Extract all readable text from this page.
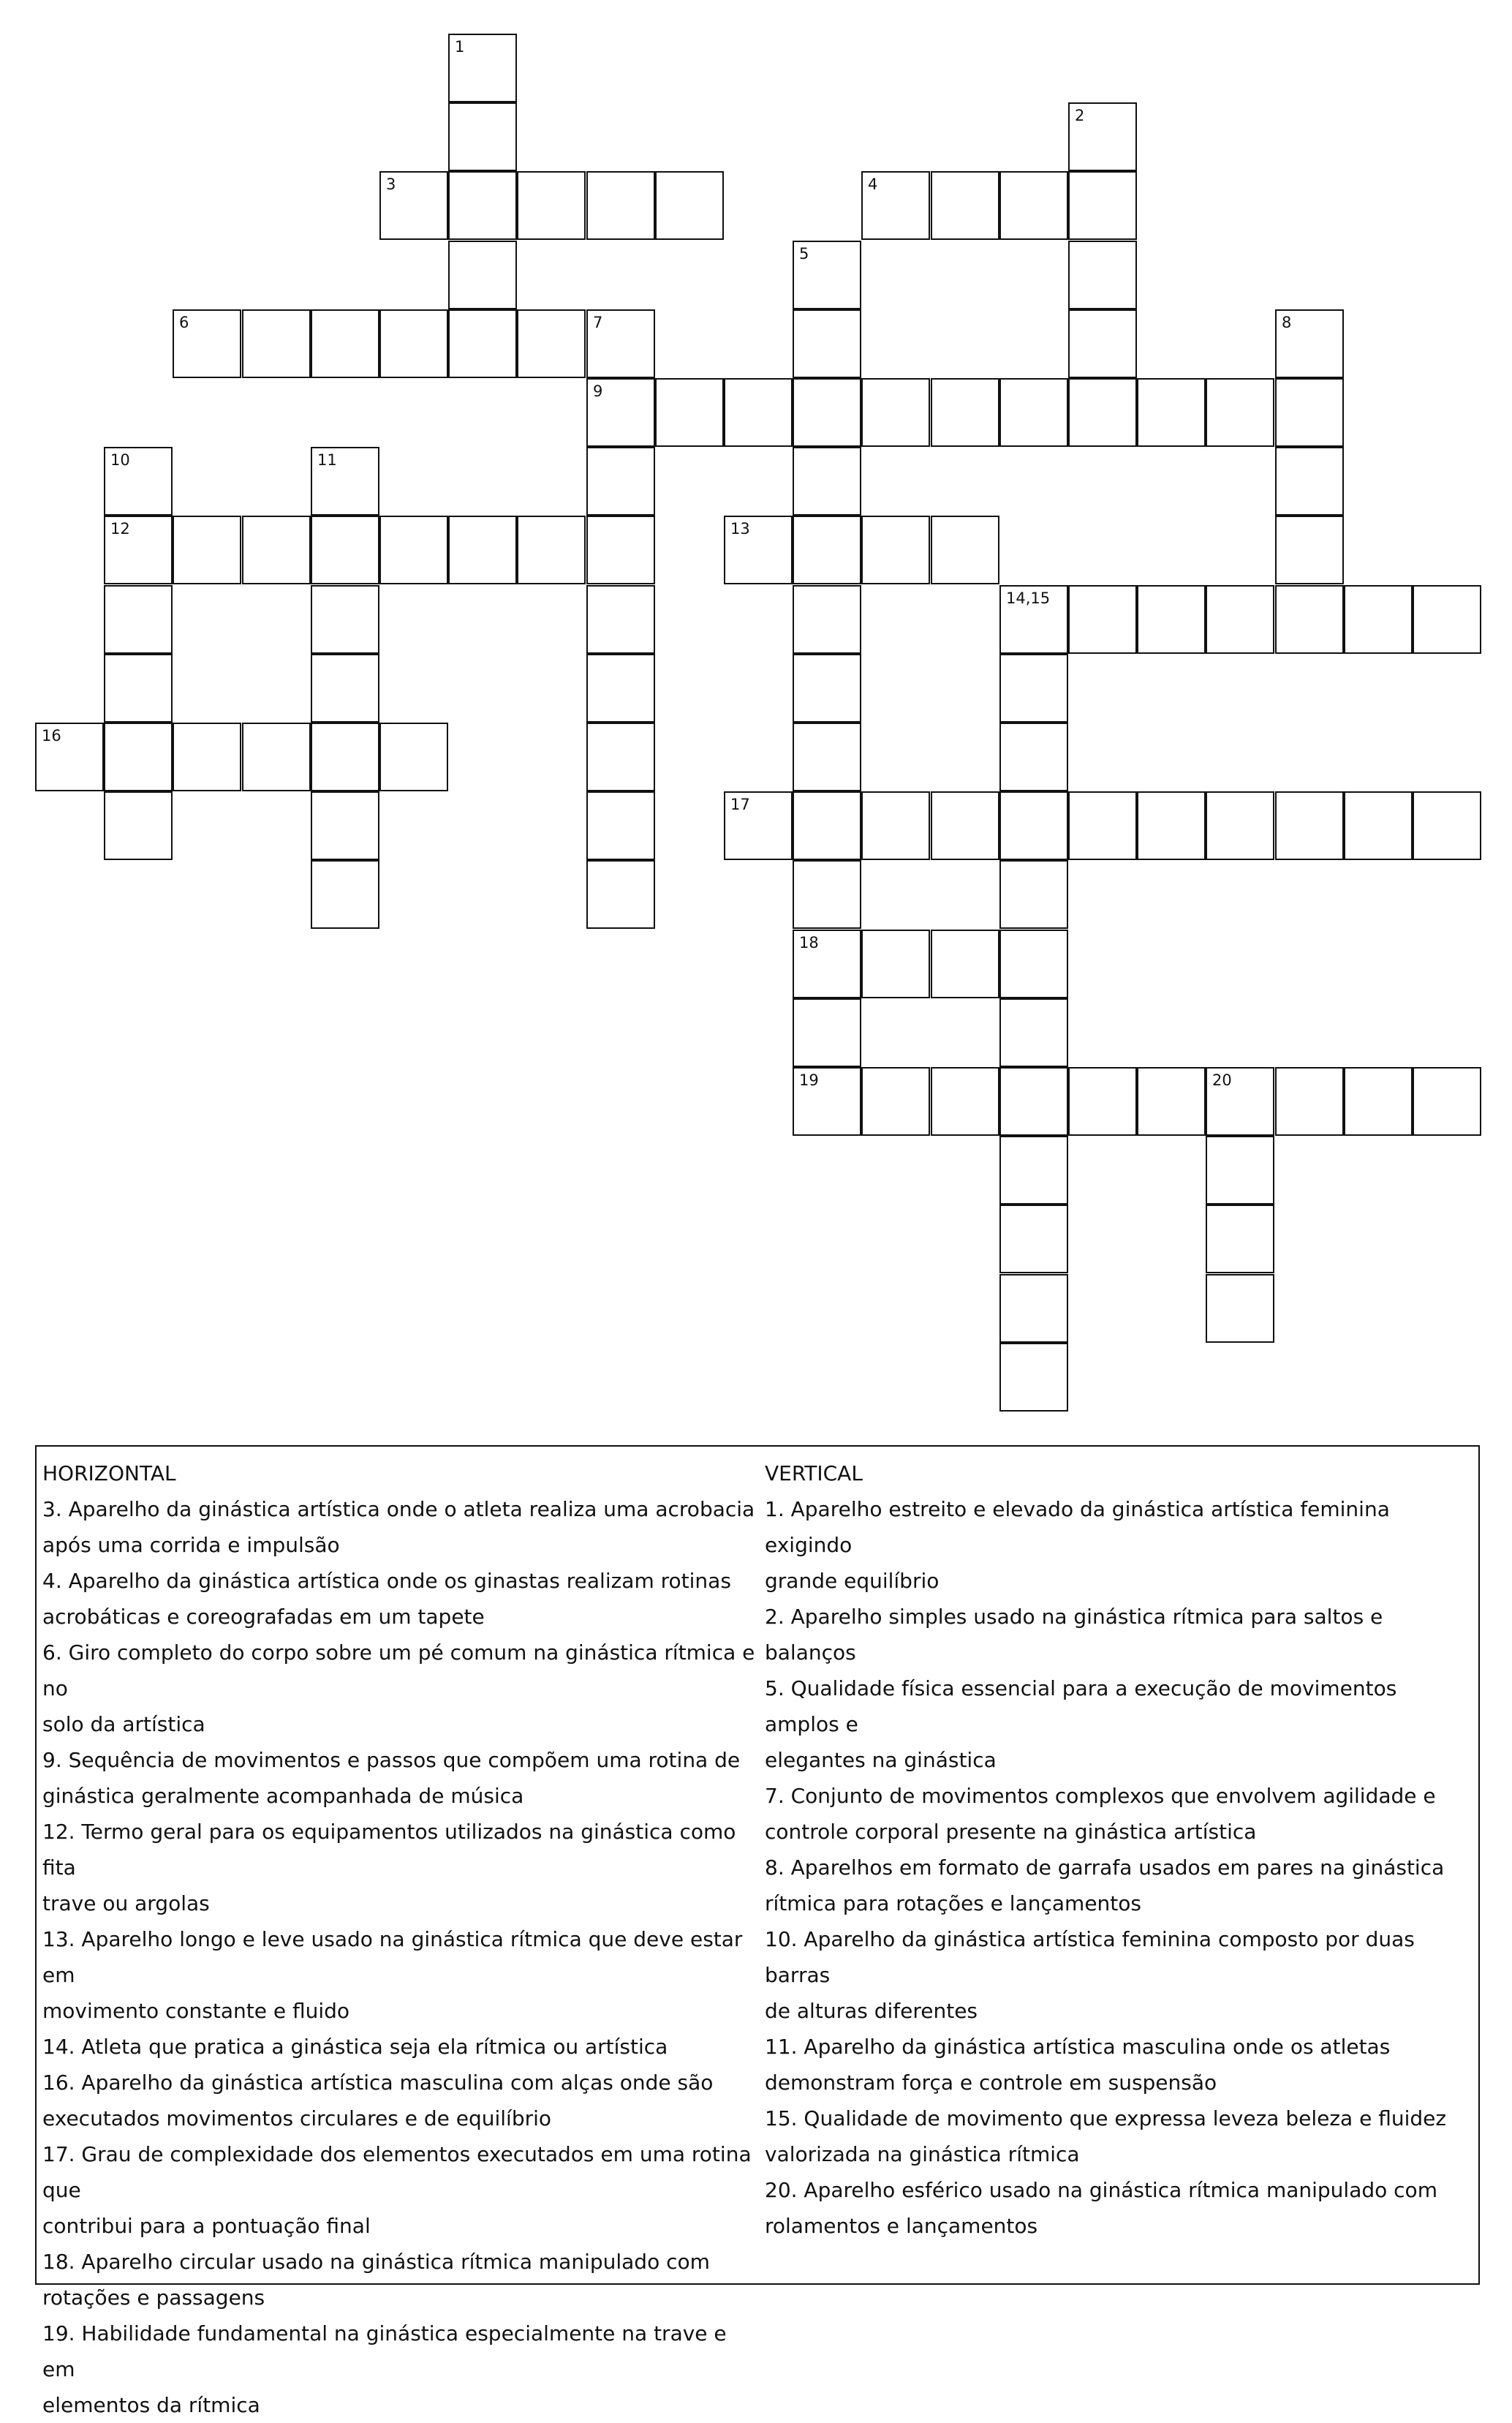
1
3
2
4
5
18
19
6	7
9
8
10	11
12	13
14,15
16
17
20
HORIZONTAL
3. Aparelho da ginástica artística onde o atleta realiza uma acrobacia
após uma corrida e impulsão
4. Aparelho da ginástica artística onde os ginastas realizam rotinas
acrobáticas e coreografadas em um tapete
6. Giro completo do corpo sobre um pé comum na ginástica rítmica e no
solo da artística
9. Sequência de movimentos e passos que compõem uma rotina de
ginástica geralmente acompanhada de música
12. Termo geral para os equipamentos utilizados na ginástica como fita
trave ou argolas
13. Aparelho longo e leve usado na ginástica rítmica que deve estar em
movimento constante e fluido
14. Atleta que pratica a ginástica seja ela rítmica ou artística
16. Aparelho da ginástica artística masculina com alças onde são
executados movimentos circulares e de equilíbrio
17. Grau de complexidade dos elementos executados em uma rotina que
contribui para a pontuação final
18. Aparelho circular usado na ginástica rítmica manipulado com
rotações e passagens
19. Habilidade fundamental na ginástica especialmente na trave e em
elementos da rítmica
VERTICAL
1. Aparelho estreito e elevado da ginástica artística feminina exigindo
grande equilíbrio
2. Aparelho simples usado na ginástica rítmica para saltos e balanços
5. Qualidade física essencial para a execução de movimentos amplos e
elegantes na ginástica
7. Conjunto de movimentos complexos que envolvem agilidade e
controle corporal presente na ginástica artística
8. Aparelhos em formato de garrafa usados em pares na ginástica
rítmica para rotações e lançamentos
10. Aparelho da ginástica artística feminina composto por duas barras
de alturas diferentes
11. Aparelho da ginástica artística masculina onde os atletas
demonstram força e controle em suspensão
15. Qualidade de movimento que expressa leveza beleza e fluidez
valorizada na ginástica rítmica
20. Aparelho esférico usado na ginástica rítmica manipulado com
rolamentos e lançamentos
